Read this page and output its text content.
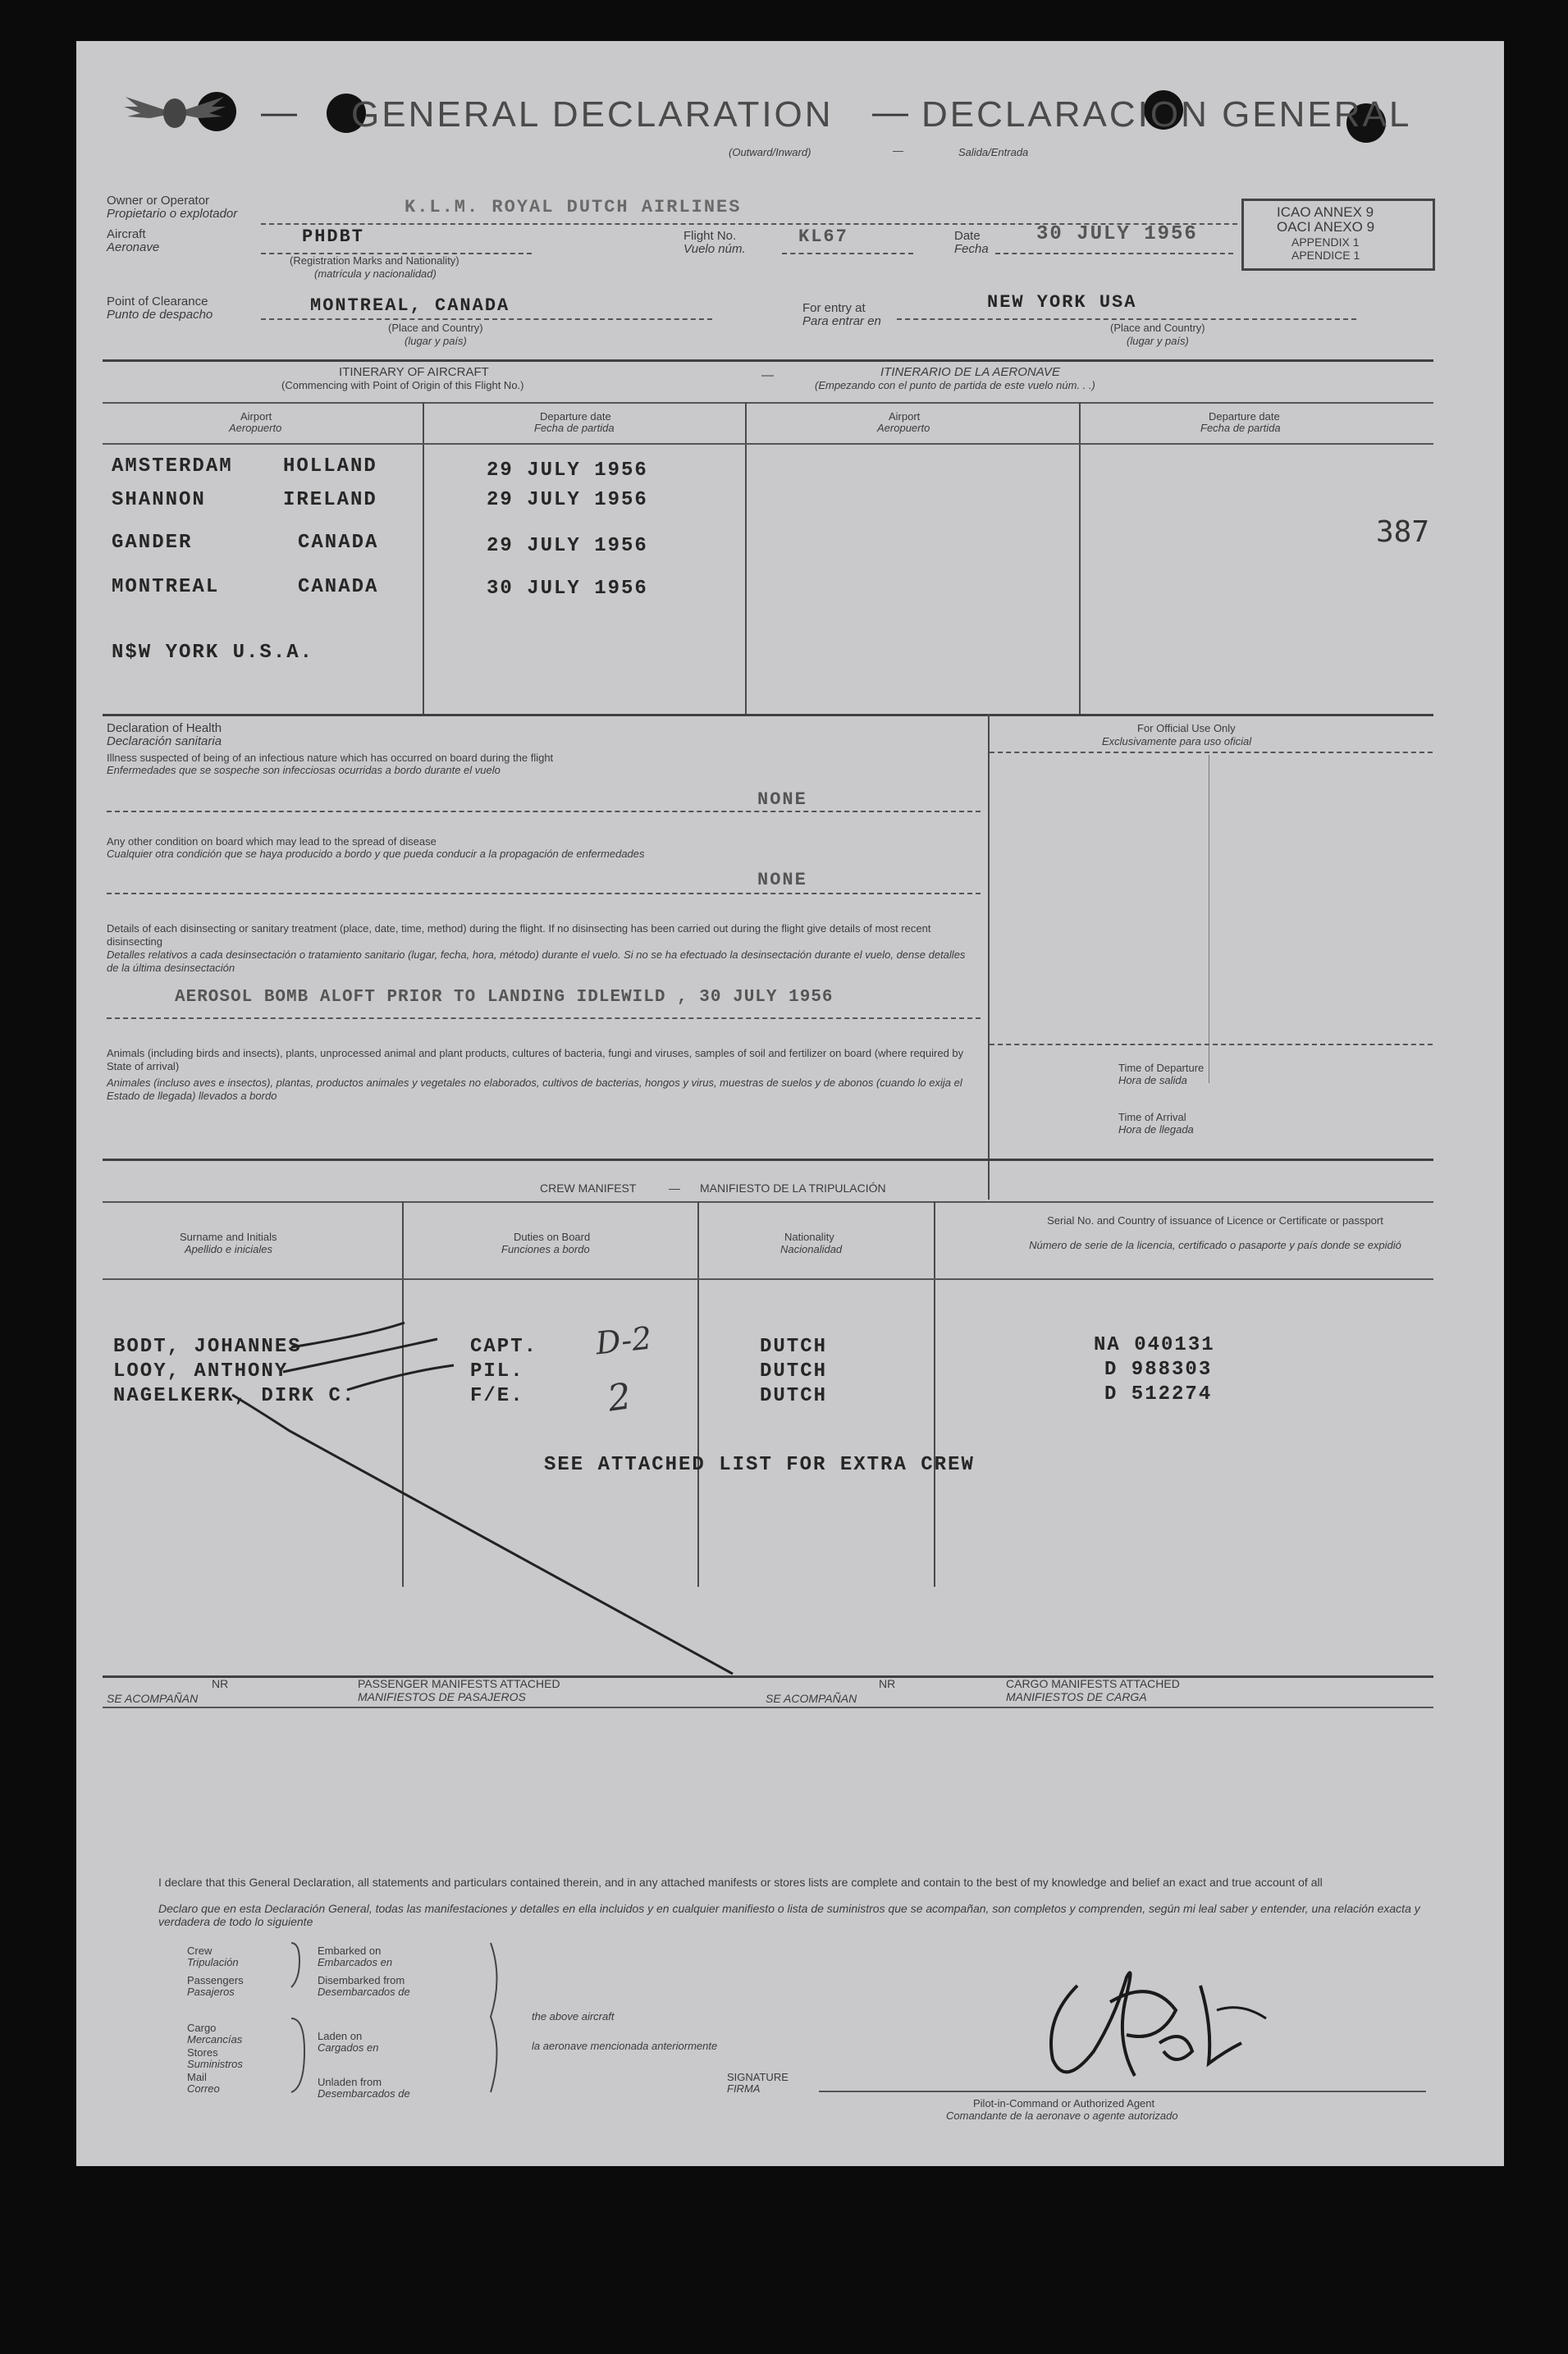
— GENERAL DECLARATION — DECLARACION GENERAL
(Outward/Inward)	—	Salida/Entrada
ICAO ANNEX 9
OACI ANEXO 9
APPENDIX 1
APENDICE 1
Owner or Operator
Propietario o explotador	K.L.M. ROYAL DUTCH AIRLINES
Aircraft
Aeronave
PHDBT
(Registration Marks and Nationality)
(matrícula y nacionalidad)
Flight No.
Vuelo núm.
KL67	Date
Fecha
30 JULY 1956
Point of Clearance
Punto de despacho	MONTREAL, CANADA
(Place and Country)
(lugar y país)
For entry at
Para entrar en
NEW YORK USA
(Place and Country)
(lugar y país)
ITINERARY OF AIRCRAFT
(Commencing with Point of Origin of this Flight No.)
—	ITINERARIO DE LA AERONAVE
(Empezando con el punto de partida de este vuelo núm. . .)
Airport
Aeropuerto
Departure date
Fecha de partida
Airport
Aeropuerto
Departure date
Fecha de partida
AMSTERDAM	HOLLAND	29 JULY 1956
SHANNON	IRELAND	29 JULY 1956
GANDER	CANADA	29 JULY 1956
MONTREAL	CANADA	30 JULY 1956
N$W YORK U.S.A.
387
Declaration of Health
Declaración sanitaria
Illness suspected of being of an infectious nature which has occurred on board during the flight
Enfermedades que se sospeche son infecciosas ocurridas a bordo durante el vuelo
NONE
Any other condition on board which may lead to the spread of disease
Cualquier otra condición que se haya producido a bordo y que pueda conducir a la propagación de enfermedades
NONE
Details of each disinsecting or sanitary treatment (place, date, time, method) during the flight. If no disinsecting has been carried out during the flight give details of most recent disinsecting
Detalles relativos a cada desinsectación o tratamiento sanitario (lugar, fecha, hora, método) durante el vuelo. Si no se ha efectuado la desinsectación durante el vuelo, dense detalles de la última desinsectación
AEROSOL BOMB ALOFT PRIOR TO LANDING IDLEWILD , 30 JULY 1956
Animals (including birds and insects), plants, unprocessed animal and plant products, cultures of bacteria, fungi and viruses, samples of soil and fertilizer on board (where required by State of arrival)
Animales (incluso aves e insectos), plantas, productos animales y vegetales no elaborados, cultivos de bacterias, hongos y virus, muestras de suelos y de abonos (cuando lo exija el Estado de llegada) llevados a bordo
For Official Use Only
Exclusivamente para uso oficial
Time of Departure
Hora de salida
Time of Arrival
Hora de llegada
CREW MANIFEST	— MANIFIESTO DE LA TRIPULACIÓN
Surname and Initials
Apellido e iniciales
Duties on Board
Funciones a bordo
Nationality
Nacionalidad
Serial No. and Country of issuance of Licence or Certificate or passport
Número de serie de la licencia, certificado o pasaporte y país donde se expidió
BODT, JOHANNES	CAPT.	DUTCH	NA 040131
LOOY, ANTHONY	PIL.	DUTCH	D 988303
NAGELKERK, DIRK C.	F/E.	DUTCH	D 512274
D-2
2
SEE ATTACHED LIST FOR EXTRA CREW
NR
SE ACOMPAÑAN
PASSENGER MANIFESTS ATTACHED
MANIFIESTOS DE PASAJEROS
NR
SE ACOMPAÑAN
CARGO MANIFESTS ATTACHED
MANIFIESTOS DE CARGA
I declare that this General Declaration, all statements and particulars contained therein, and in any attached manifests or stores lists are complete and contain to the best of my knowledge and belief an exact and true account of all
Declaro que en esta Declaración General, todas las manifestaciones y detalles en ella incluidos y en cualquier manifiesto o lista de suministros que se acompañan, son completos y comprenden, según mi leal saber y entender, una relación exacta y verdadera de todo lo siguiente
Crew
Tripulación
Passengers
Pasajeros
Cargo
Mercancías
Stores
Suministros
Mail
Correo
Embarked on
Embarcados en
Disembarked from
Desembarcados de
Laden on
Cargados en
Unladen from
Desembarcados de
the above aircraft
la aeronave mencionada anteriormente
SIGNATURE
FIRMA
Pilot-in-Command or Authorized Agent
Comandante de la aeronave o agente autorizado
